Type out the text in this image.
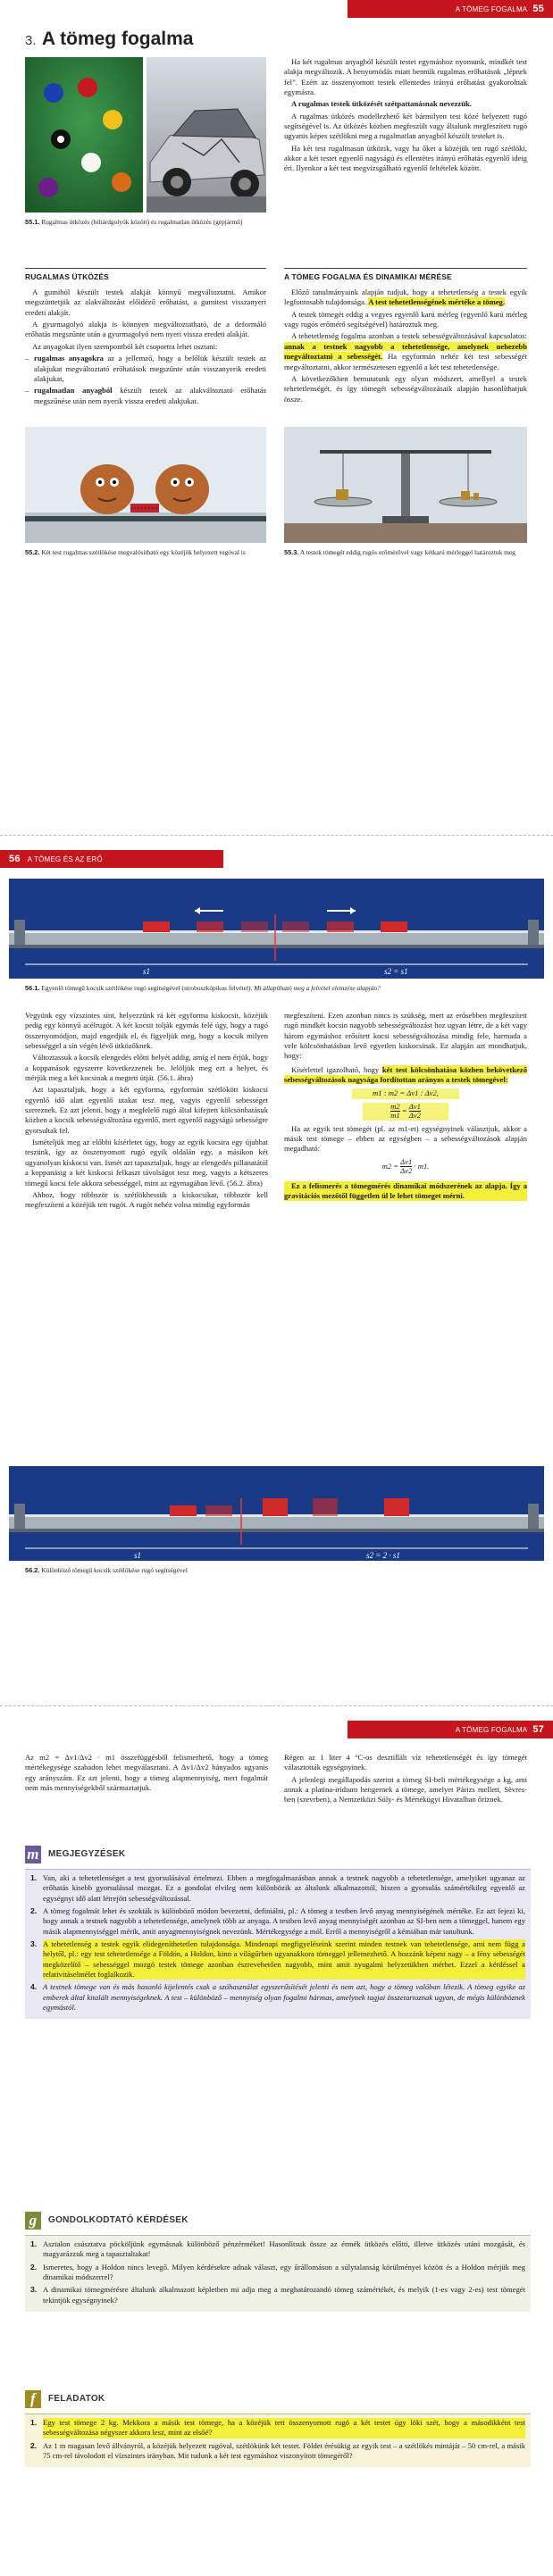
A TÖMEG FOGALMA 55
3. A tömeg fogalma
55.1. Rugalmas ütközés (biliárdgolyók között) és rugalmatlan ütközés (gépjármű)

Ha két rugalmas anyagból készült testet egymáshoz nyomunk, mindkét test alakja megváltozik. A benyomódás miatt bennük rugalmas erőhatások „lépnek fel”. Ezért az összenyomott testek ellentedes irányú erőhatást gyakorolnak egymásra.

A rugalmas testek ütközését szétpattanásnak nevezzük.

A rugalmas ütközés modellezhető két bármilyen test közé helyezett rugó segítségével is. Az ütközés közben megfeszült vagy általunk megfeszített rugó ugyanis képes szétlökni meg a rugalmatlan anyagból készült testeket is.

Ha két test rugalmasan ütközik, vagy ha őket a közéjük tett rugó szétlöki, akkor a két testet egyenlő nagyságú és ellentétes irányú erőhatás egyenlő ideig éri. Ilyenkor a két test megvizsgálható egyenlő feltételek között.

RUGALMAS ÜTKÖZÉS

A gumiból készült testek alakját könnyű megváltoztatni. Amikor megszüntetjük az alakváltozást előidéző erőhatást, a gumitest visszanyeri eredeti alakját.

A gyurmagolyó alakja is könnyen megváltoztatható, de a deformáló erőhatás megszűnte után a gyurmagolyó nem nyeri vissza eredeti alakját.

Az anyagokat ilyen szempontból két csoportra lehet osztani:

– rugalmas anyagokra az a jellemző, hogy a belőlük készült testek az alakjukat megváltoztató erőhatások megszűnte után visszanyerik eredeti alakjukat,
– rugalmatlan anyagból készült testek az alakváltoztató erőhatás megszűnése után nem nyerik vissza eredeti alakjukat.
A TÖMEG FOGALMA ÉS DINAMIKAI MÉRÉSE

Előző tanulmányaink alapján tudjuk, hogy a tehetetlenség a testek egyik legfontosabb tulajdonsága. A test tehetetlenségének mértéke a tömeg.

A testek tömegét eddig a vegyes egyenlő karú mérleg (egyenlő karú mérleg vagy rugós erőmérő segítségével) határoztuk meg.

A tehetetlenség fogalma azonban a testek sebességváltozásával kapcsolatos: annak a testnek nagyobb a tehetetlensége, amelynek nehezebb megváltoztatni a sebességét. Ha egyformán nehéz két test sebességét megváltoztatni, akkor természetesen egyenlő a két test tehetetlensége.

A következőkben bemutatunk egy olyan módszert, amellyel a testek tehetetlenségét, és így tömegét sebességváltozásaik alapján hasonlíthatjuk össze.

55.2. Két test rugalmas szétlökése megvalósítható egy közéjük helyezett rugóval is	55.3. A testek tömegét eddig rugós erőmérővel vagy kétkarú mérleggel határoztuk meg
56 A TÖMEG ÉS AZ ERŐ
s1	s2 = s1
56.1. Egyenlő tömegű kocsik szétlökése rugó segítségével (stroboszkópikus felvétel). Mi állapítható meg a felvétel elemzése alapján?

Vegyünk egy vízszintes sínt, helyezzünk rá két egyforma kiskocsit, közéjük pedig egy könnyű acélrugót. A két kocsit tolják egymás felé úgy, hogy a rugó összenyomódjon, majd engedjük el, és figyeljük meg, hogy a kocsik milyen sebességgel a sín végén lévő ütközőknek.

Változtassuk a kocsik elengedés előtti helyét addig, amíg el nem érjük, hogy a koppanások egyszerre következzenek be. Jelöljük meg ezt a helyet, és mérjük meg a két kocsinak a megtett útját. (56.1. ábra)

Azt tapasztaljuk, hogy a két egyforma, egyformán szétlökött kiskocsi egyenlő idő alatt egyenlő utakat tesz meg, vagyis egyenlő sebességet szereznek. Ez azt jelenti, hogy a megfelelő rugó által kifejtett kölcsönhatásuk közben a kocsik sebességváltozása egyenlő, mert egyenlő nagyságú sebességre gyorsultak fel.

Ismételjük meg az előbbi kísérletet úgy, hogy az egyik kocsira egy újabbat teszünk, így az összenyomott rugó egyik oldalán egy, a másikon két ugyanolyan kiskocsi van. Ismét azt tapasztaljuk, hogy az elengedés pillanatától a koppanásig a két kiskocsi felkaszt távolságot tesz meg, vagyis a kétszeres tömegű kocsi fele akkora sebességgel, mint az egymagában lévő. (56.2. ábra)

Ahhoz, hogy többször is szétlökhessük a kiskocsikat, többször kell megfeszíteni a közéjük tett rugót. A rugót nehéz volna mindig egyformán

megfeszíteni. Ezen azonban nincs is szükség, mert az erősebben megfeszített rugó mindkét kocsin nagyobb sebességváltozást hoz ugyan létre, de a két vagy három egymáshoz erősített kocsi sebességváltozása mindig fele, harmada a vele kölcsönhatásban levő egyetlen kiskocsinak. Ez alapján azt mondhatjuk, hogy:

Kísérlettel igazolható, hogy két test kölcsönhatása közben bekövetkező sebességváltozások nagysága fordítottan arányos a testek tömegével:

m1 : m2 = Δv1 : Δv2,
$\frac{m2}{m1} = \frac{\Delta v1}{\Delta v2}$

Ha az egyik test tömegét (pl. az m1-et) egységnyinek választjuk, akkor a másik test tömege – ebben az egységben – a sebességváltozások alapján megadható:

$m2 = \frac{\Delta v1}{\Delta v2} \cdot m1$.

Ez a felismerés a tömegmérés dinamikai módszerének az alapja. Így a gravitációs mezőtől független ül le lehet tömeget mérni.

s1	s2 = 2 · s1
56.2. Különböző tömegű kocsik szétlökése rugó segítségével
A TÖMEG FOGALMA 57

Az m2 = Δv1/Δv2 · m1 összefüggésből felismerhető, hogy a tömeg mértékegysége szabadon lehet megválasztani. A Δv1/Δv2 hányados ugyanis egy arányszám. Ez azt jelenti, hogy a tömeg alapmennyiség, mert fogalmát nem más mennyiségekből származtatjuk.

Régen az 1 liter 4 °C-os desztillált víz tehetetlenségét és így tömegét választották egységnyinek.

A jelenlegi megállapodás szerint a tömeg SI-beli mértékegysége a kg, ami annak a platina-irídium hengernek a tömege, amelyet Párizs mellett, Sèvres-ben (szevrben), a Nemzetközi Súly- és Mértékügyi Hivatalban őriznek.

m MEGJEGYZÉSEK
1. Van, aki a tehetetlenséget a test gyorsulásával értelmezi. Ebben a megfogalmazásban annak a testnek nagyobb a tehetetlensége, amelyiket ugyanaz az erőhatás kisebb gyorsulással mozgat. Ez a gondolat elvileg nem különbözik az általunk alkalmazottól, hiszen a gyorsulás számértékileg egyenlő az egységnyi idő alatt létrejött sebességváltozással.
2. A tömeg fogalmát lehet és szokták is különböző módon bevezetni, definiálni, pl.: A tömeg a testben levő anyag mennyiségének mértéke. Ez azt fejezi ki, hogy annak a testnek nagyobb a tehetetlensége, amelynek több az anyaga. A testben levő anyag mennyiségét azonban az SI-ben nem a tömeggel, hanem egy másik alapmennyiséggel mérik, amit anyagmennyiségnek nevezünk. Mértékegysége a mól. Erről a mennyiségről a kémiában már tanultunk.
3. A tehetetlenség a testek egyik elidegeníthetetlen tulajdonsága. Mindenapi megfigyeléseink szerint minden testnek van tehetetlensége, ami nem függ a helytől, pl.: egy test tehetetlensége a Földön, a Holdon, kinn a világűrben ugyanakkora tömeggel jellemezhető. A hozzánk képest nagy – a fény sebességét megközelítő – sebességgel mozgó testek tömege azonban észrevehetően nagyobb, mint amit nyugalmi helyzetükben mérhet. Ezzel a kérdéssel a relativitáselmélet foglalkozik.
4. A testnek tömege van és más hasonló kijelentés csak a szóhasználat egyszerűsítését jelenti és nem azt, hogy a tömeg valóban létezik. A tömeg egyike az emberek által kitalált mennyiségeknek. A test – különböző – mennyiség olyan fogalmi hármas, amelynek tagjai összetartoznak ugyan, de mégis különböznek egymástól.
g	GONDOLKODTATÓ KÉRDÉSEK
1. Asztalon csúsztatva pöcköljünk egymásnak különböző pénzérméket! Hasonlítsuk össze az érmék ütközés előtti, illetve ütközés utáni mozgását, és magyarázzuk meg a tapasztaltakat!
2. Ismeretes, hogy a Holdon nincs levegő. Milyen kérdésekre adnak választ, egy űrállomáson a súlytalanság körülményei között és a Holdon mérjük meg dinamikai módszerrel?
3. A dinamikai tömegmérésre általunk alkalmazott képletben mi adja meg a meghatározandó tömeg számértékét, és melyik (1-es vagy 2-es) test tömegét tekintjük egységnyinek?
f	FELADATOK
1. Egy test tömege 2 kg. Mekkora a másik test tömege, ha a közéjük tett összenyomott rugó a két testet úgy löki szét, hogy a másodikként test sebességváltozása négyszer akkora lesz, mint az elsőé?
2. Az 1 m magasan levő állványról, a közéjük helyezett rugóval, szétlökünk két testet. Földet érésükig az egyik test – a szétlökés mintáját – 50 cm-rel, a másik 75 cm-rel távolodott el vízszintes irányban. Mit tudunk a két test egymáshoz viszonyított tömegéről?
